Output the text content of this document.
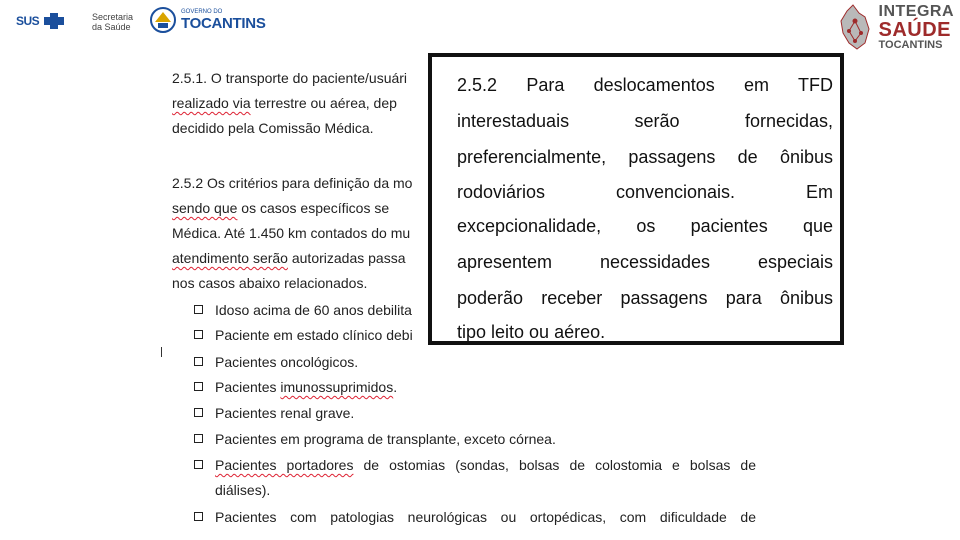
SUS	Secretaria
da Saúde
GOVERNO DO
TOCANTINS
INTEGRA
SAÚDE
TOCANTINS
2.5.1. O transporte do paciente/usuári
realizado via terrestre ou aérea, dep
decidido pela Comissão Médica.
2.5.2 Os critérios para definição da mo
sendo que os casos específicos se
Médica. Até 1.450 km contados do mu
atendimento serão autorizadas passa
nos casos abaixo relacionados.
Idoso acima de 60 anos debilita
Paciente em estado clínico debi
Pacientes oncológicos.
Pacientes imunossuprimidos.
Pacientes renal grave.
Pacientes em programa de transplante, exceto córnea.
Pacientes portadores de ostomias (sondas, bolsas de colostomia e bolsas de
diálises).
Pacientes com patologias neurológicas ou ortopédicas, com dificuldade de
2.5.2 Para deslocamentos em TFD
interestaduais serão fornecidas,
preferencialmente, passagens de ônibus
rodoviários convencionais. Em
excepcionalidade, os pacientes que
apresentem necessidades especiais
poderão receber passagens para ônibus
tipo leito ou aéreo.
